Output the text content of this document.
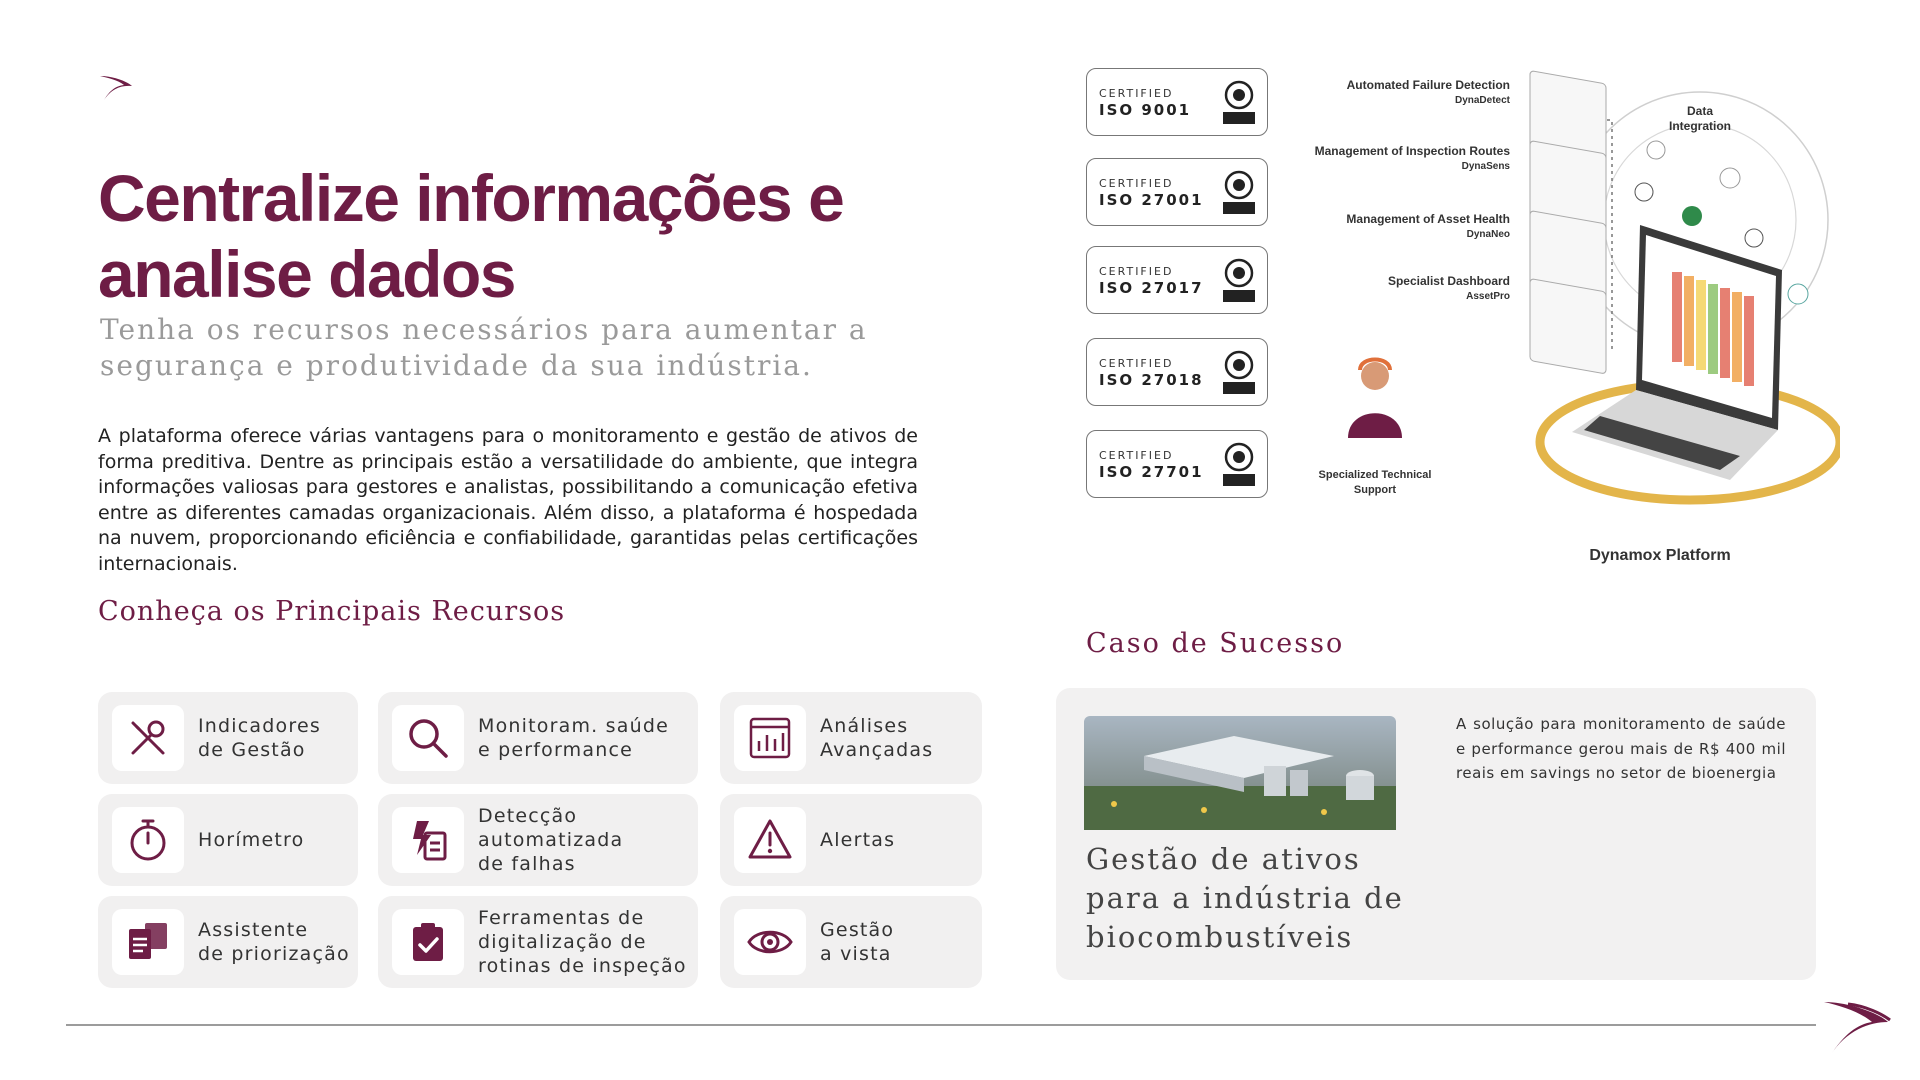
Centralize informações e analise dados
Tenha os recursos necessários para aumentar a segurança e produtividade da sua indústria.
A plataforma oferece várias vantagens para o monitoramento e gestão de ativos de forma preditiva. Dentre as principais estão a versatilidade do ambiente, que integra informações valiosas para gestores e analistas, possibilitando a comunicação efetiva entre as diferentes camadas organizacionais. Além disso, a plataforma é hospedada na nuvem, proporcionando eficiência e confiabilidade, garantidas pelas certificações internacionais.
Conheça os Principais Recursos
Caso de Sucesso
Indicadores
de Gestão
Monitoram. saúde
e performance
Análises
Avançadas
Horímetro
Detecção
automatizada
de falhas
Alertas
Assistente
de priorização
Ferramentas de
digitalização de
rotinas de inspeção
Gestão
a vista
CERTIFIED
ISO 9001
CERTIFIED
ISO 27001
CERTIFIED
ISO 27017
CERTIFIED
ISO 27018
CERTIFIED
ISO 27701
Automated Failure Detection
DynaDetect
Management of Inspection Routes
DynaSens
Management of Asset Health
DynaNeo
Specialist Dashboard
AssetPro
Data Integration
Specialized Technical Support
Dynamox Platform
Gestão de ativos
para a indústria de
biocombustíveis
A solução para monitoramento de saúde e performance gerou mais de R$ 400 mil reais em savings no setor de bioenergia
